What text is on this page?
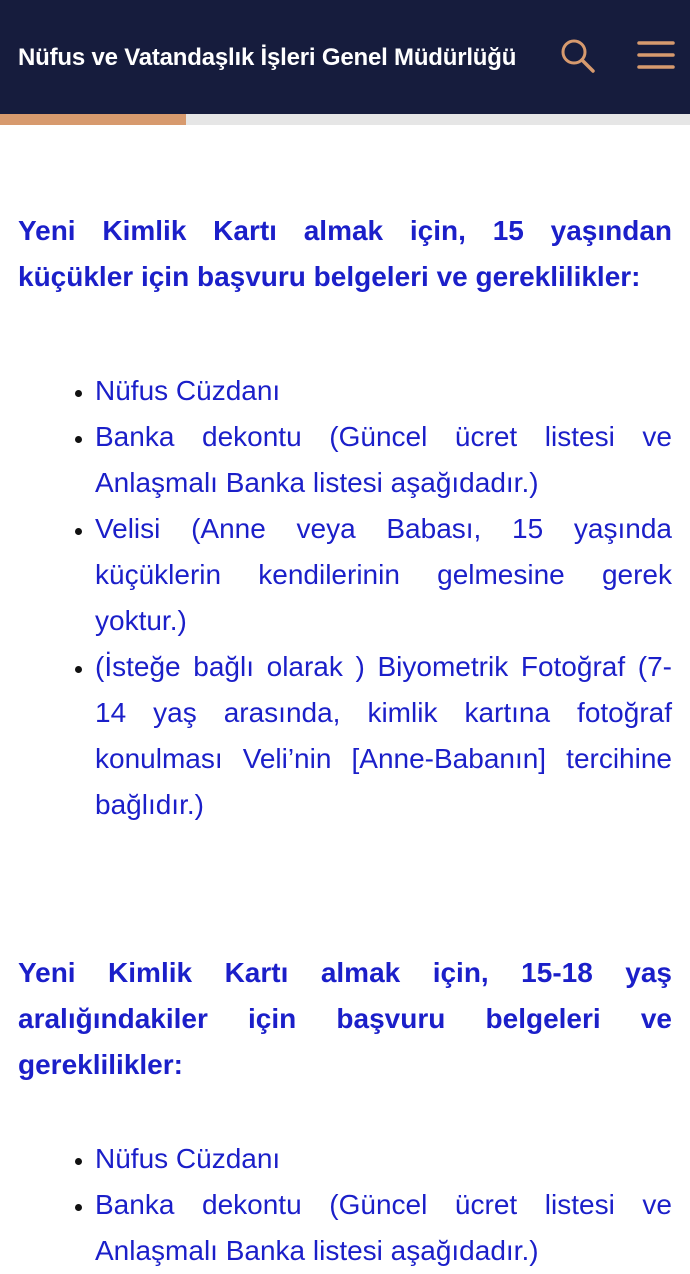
Nüfus ve Vatandaşlık İşleri Genel Müdürlüğü

Yeni Kimlik Kartı almak için, 15 yaşından küçükler için başvuru belgeleri ve gereklilikler:

• Nüfus Cüzdanı
• Banka dekontu (Güncel ücret listesi ve Anlaşmalı Banka listesi aşağıdadır.)
• Velisi (Anne veya Babası, 15 yaşında küçüklerin kendilerinin gelmesine gerek yoktur.)
• (İsteğe bağlı olarak ) Biyometrik Fotoğraf (7-14 yaş arasında, kimlik kartına fotoğraf konulması Veli’nin [Anne-Babanın] tercihine bağlıdır.)

Yeni Kimlik Kartı almak için, 15-18 yaş aralığındakiler için başvuru belgeleri ve gereklilikler:

• Nüfus Cüzdanı
• Banka dekontu (Güncel ücret listesi ve Anlaşmalı Banka listesi aşağıdadır.)
